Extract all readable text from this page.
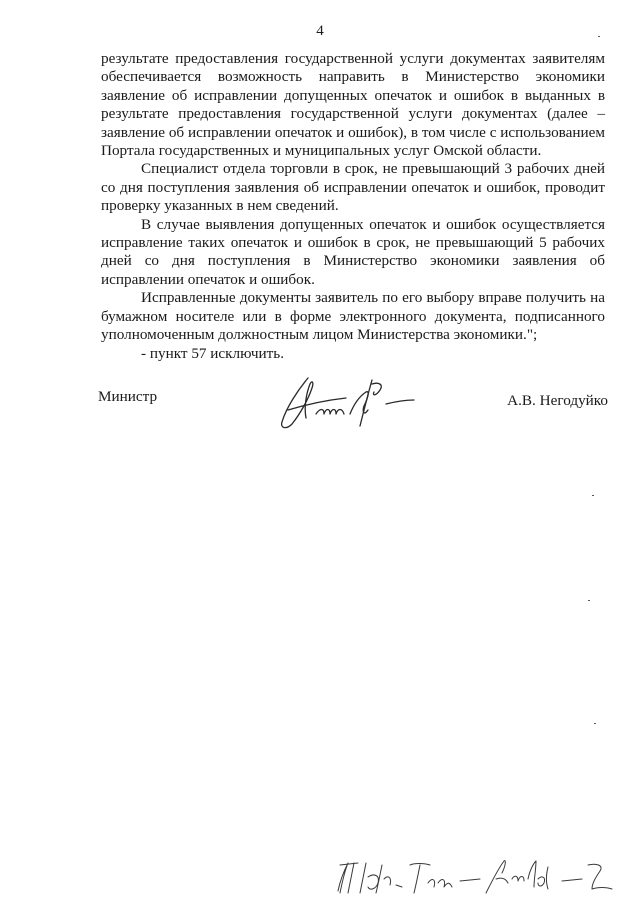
4

результате предоставления государственной услуги документах заявителям обеспечивается возможность направить в Министерство экономики заявление об исправлении допущенных опечаток и ошибок в выданных в результате предоставления государственной услуги документах (далее – заявление об исправлении опечаток и ошибок), в том числе с использованием Портала государственных и муниципальных услуг Омской области.

Специалист отдела торговли в срок, не превышающий 3 рабочих дней со дня поступления заявления об исправлении опечаток и ошибок, проводит проверку указанных в нем сведений.

В случае выявления допущенных опечаток и ошибок осуществляется исправление таких опечаток и ошибок в срок, не превышающий 5 рабочих дней со дня поступления в Министерство экономики заявления об исправлении опечаток и ошибок.

Исправленные документы заявитель по его выбору вправе получить на бумажном носителе или в форме электронного документа, подписанного уполномоченным должностным лицом Министерства экономики.";

- пункт 57 исключить.

Министр	А.В. Негодуйко
